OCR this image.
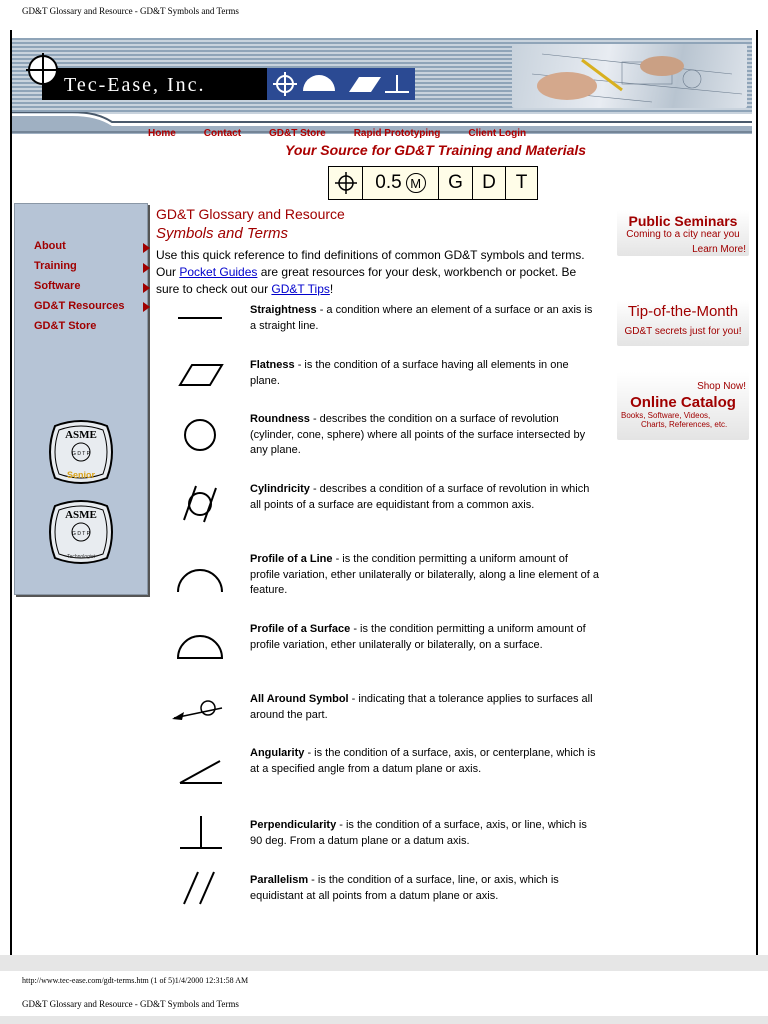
GD&T Glossary and Resource - GD&T Symbols and Terms
Tec-Ease, Inc.
Home	Contact	GD&T Store	Rapid Prototyping	Client Login
Your Source for GD&T Training and Materials
0.5 M	G	D	T
About
Training
Software
GD&T Resources
GD&T Store
ASME
G D T P
Senior
ASME
G D T P
Technologist
GD&T Glossary and Resource
Symbols and Terms
Use this quick reference to find definitions of common GD&T symbols and terms. Our Pocket Guides are great resources for your desk, workbench or pocket. Be sure to check out our GD&T Tips!
Straightness - a condition where an element of a surface or an axis is a straight line.
Flatness - is the condition of a surface having all elements in one plane.
Roundness - describes the condition on a surface of revolution (cylinder, cone, sphere) where all points of the surface intersected by any plane.
Cylindricity - describes a condition of a surface of revolution in which all points of a surface are equidistant from a common axis.
Profile of a Line - is the condition permitting a uniform amount of profile variation, ether unilaterally or bilaterally, along a line element of a feature.
Profile of a Surface - is the condition permitting a uniform amount of profile variation, ether unilaterally or bilaterally, on a surface.
All Around Symbol - indicating that a tolerance applies to surfaces all around the part.
Angularity - is the condition of a surface, axis, or centerplane, which is at a specified angle from a datum plane or axis.
Perpendicularity - is the condition of a surface, axis, or line, which is 90 deg. From a datum plane or a datum axis.
Parallelism - is the condition of a surface, line, or axis, which is equidistant at all points from a datum plane or axis.
Public Seminars
Coming to a city near you
Learn More!
Tip-of-the-Month
GD&T secrets just for you!
Shop Now!
Online Catalog
Books, Software, Videos,
Charts, References, etc.
http://www.tec-ease.com/gdt-terms.htm (1 of 5)1/4/2000 12:31:58 AM
GD&T Glossary and Resource - GD&T Symbols and Terms
